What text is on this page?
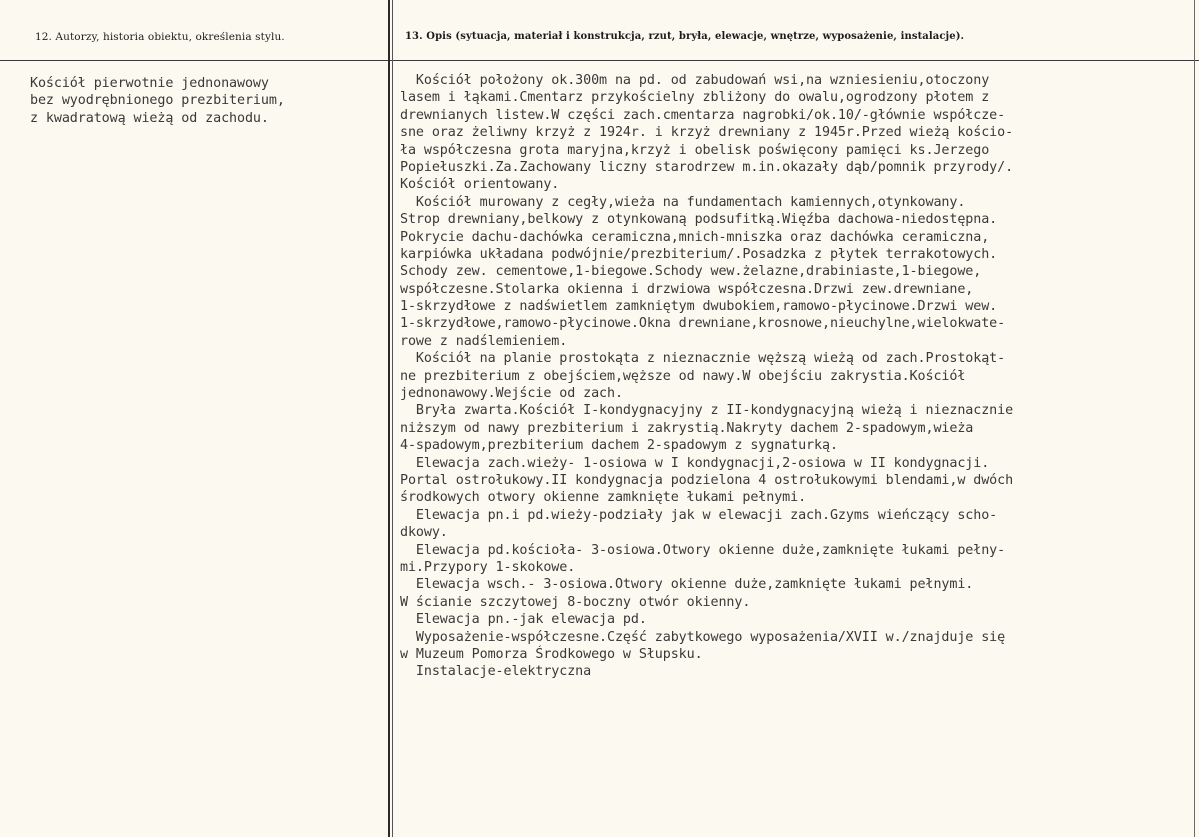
12. Autorzy, historia obiektu, określenia stylu.	13. Opis (sytuacja, materiał i konstrukcja, rzut, bryła, elewacje, wnętrze, wyposażenie, instalacje).
Kościół pierwotnie jednonawowy
bez wyodrębnionego prezbiterium,
z kwadratową wieżą od zachodu.
Kościół położony ok.300m na pd. od zabudowań wsi,na wzniesieniu,otoczony
lasem i łąkami.Cmentarz przykościelny zbliżony do owalu,ogrodzony płotem z
drewnianych listew.W części zach.cmentarza nagrobki/ok.10/-głównie współcze-
sne oraz żeliwny krzyż z 1924r. i krzyż drewniany z 1945r.Przed wieżą kościo-
ła współczesna grota maryjna,krzyż i obelisk poświęcony pamięci ks.Jerzego
Popiełuszki.Za.Zachowany liczny starodrzew m.in.okazały dąb/pomnik przyrody/.
Kościół orientowany.
Kościół murowany z cegły,wieża na fundamentach kamiennych,otynkowany.
Strop drewniany,belkowy z otynkowaną podsufitką.Więźba dachowa-niedostępna.
Pokrycie dachu-dachówka ceramiczna,mnich-mniszka oraz dachówka ceramiczna,
karpiówka układana podwójnie/prezbiterium/.Posadzka z płytek terrakotowych.
Schody zew. cementowe,1-biegowe.Schody wew.żelazne,drabiniaste,1-biegowe,
współczesne.Stolarka okienna i drzwiowa współczesna.Drzwi zew.drewniane,
1-skrzydłowe z nadświetlem zamkniętym dwubokiem,ramowo-płycinowe.Drzwi wew.
1-skrzydłowe,ramowo-płycinowe.Okna drewniane,krosnowe,nieuchylne,wielokwate-
rowe z nadślemieniem.
Kościół na planie prostokąta z nieznacznie węższą wieżą od zach.Prostokąt-
ne prezbiterium z obejściem,węższe od nawy.W obejściu zakrystia.Kościół
jednonawowy.Wejście od zach.
Bryła zwarta.Kościół I-kondygnacyjny z II-kondygnacyjną wieżą i nieznacznie
niższym od nawy prezbiterium i zakrystią.Nakryty dachem 2-spadowym,wieża
4-spadowym,prezbiterium dachem 2-spadowym z sygnaturką.
Elewacja zach.wieży- 1-osiowa w I kondygnacji,2-osiowa w II kondygnacji.
Portal ostrołukowy.II kondygnacja podzielona 4 ostrołukowymi blendami,w dwóch
środkowych otwory okienne zamknięte łukami pełnymi.
Elewacja pn.i pd.wieży-podziały jak w elewacji zach.Gzyms wieńczący scho-
dkowy.
Elewacja pd.kościoła- 3-osiowa.Otwory okienne duże,zamknięte łukami pełny-
mi.Przypory 1-skokowe.
Elewacja wsch.- 3-osiowa.Otwory okienne duże,zamknięte łukami pełnymi.
W ścianie szczytowej 8-boczny otwór okienny.
Elewacja pn.-jak elewacja pd.
Wyposażenie-współczesne.Część zabytkowego wyposażenia/XVII w./znajduje się
w Muzeum Pomorza Środkowego w Słupsku.
Instalacje-elektryczna
